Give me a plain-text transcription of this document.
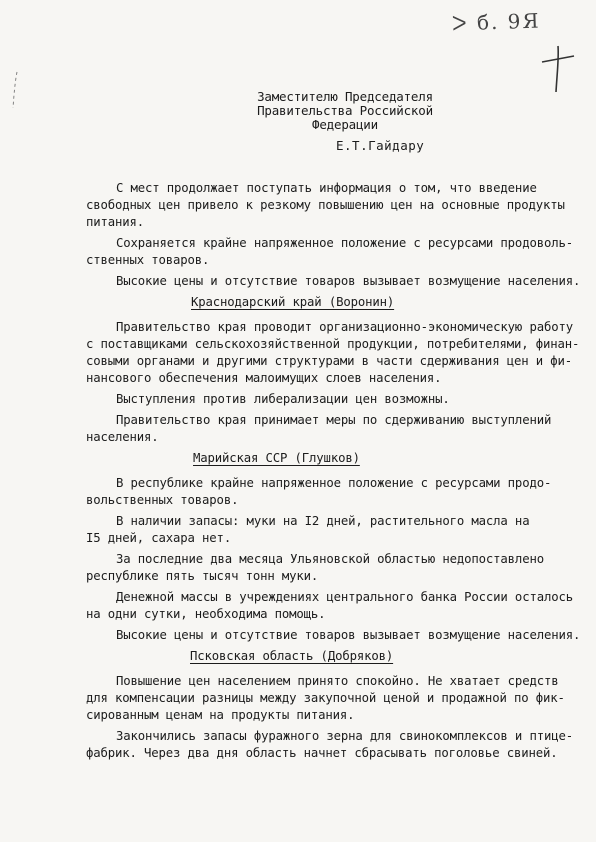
ᐳ б. 9Я
Заместителю Председателя
Правительства Российской
Федерации
Е.Т.Гайдару
С мест продолжает поступать информация о том, что введение
свободных цен привело к резкому повышению цен на основные продукты
питания.
Сохраняется крайне напряженное положение с ресурсами продоволь-
ственных товаров.
Высокие цены и отсутствие товаров вызывает возмущение населения.
Краснодарский край (Воронин)
Правительство края проводит организационно-экономическую работу
с поставщиками сельскохозяйственной продукции, потребителями, финан-
совыми органами и другими структурами в части сдерживания цен и фи-
нансового обеспечения малоимущих слоев населения.
Выступления против либерализации цен возможны.
Правительство края принимает меры по сдерживанию выступлений
населения.
Марийская ССР (Глушков)
В республике крайне напряженное положение с ресурсами продо-
вольственных товаров.
В наличии запасы: муки на I2 дней, растительного масла на
I5 дней, сахара нет.
За последние два месяца Ульяновской областью недопоставлено
республике пять тысяч тонн муки.
Денежной массы в учреждениях центрального банка России осталось
на одни сутки, необходима помощь.
Высокие цены и отсутствие товаров вызывает возмущение населения.
Псковская область (Добряков)
Повышение цен населением принято спокойно. Не хватает средств
для компенсации разницы между закупочной ценой и продажной по фик-
сированным ценам на продукты питания.
Закончились запасы фуражного зерна для свинокомплексов и птице-
фабрик. Через два дня область начнет сбрасывать поголовье свиней.
